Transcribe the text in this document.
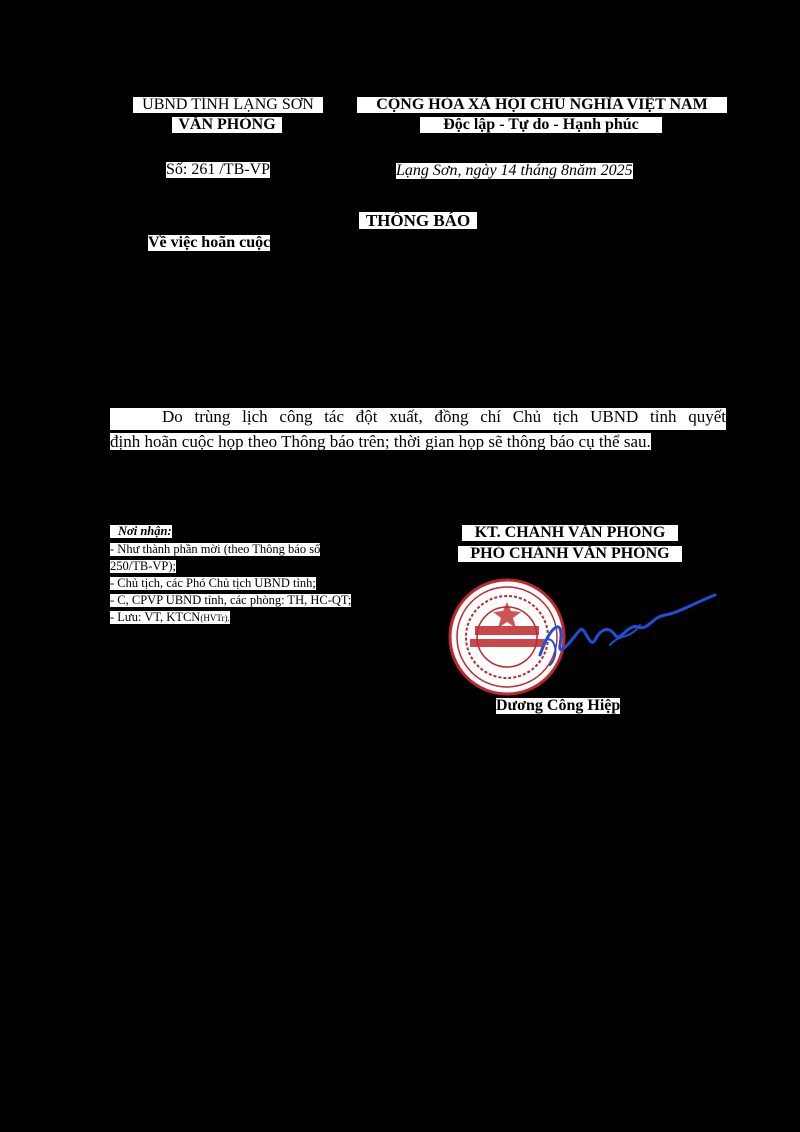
UBND TỈNH LẠNG SƠN
VĂN PHÒNG
Số: 261 /TB-VP
CỘNG HÒA XÃ HỘI CHỦ NGHĨA VIỆT NAM
Độc lập - Tự do - Hạnh phúc
Lạng Sơn, ngày 14 tháng 8năm 2025
THÔNG BÁO
Về việc hoãn cuộc
Do trùng lịch công tác đột xuất, đồng chí Chủ tịch UBND tỉnh quyết
định hoãn cuộc họp theo Thông báo trên; thời gian họp sẽ thông báo cụ thể sau.
Nơi nhận:
- Như thành phần mời (theo Thông báo số
250/TB-VP);
- Chủ tịch, các Phó Chủ tịch UBND tỉnh;
- C, CPVP UBND tỉnh, các phòng: TH, HC-QT;
- Lưu: VT, KTCN(HVTr).
KT. CHÁNH VĂN PHÒNG
PHÓ CHÁNH VĂN PHÒNG
Dương Công Hiệp
